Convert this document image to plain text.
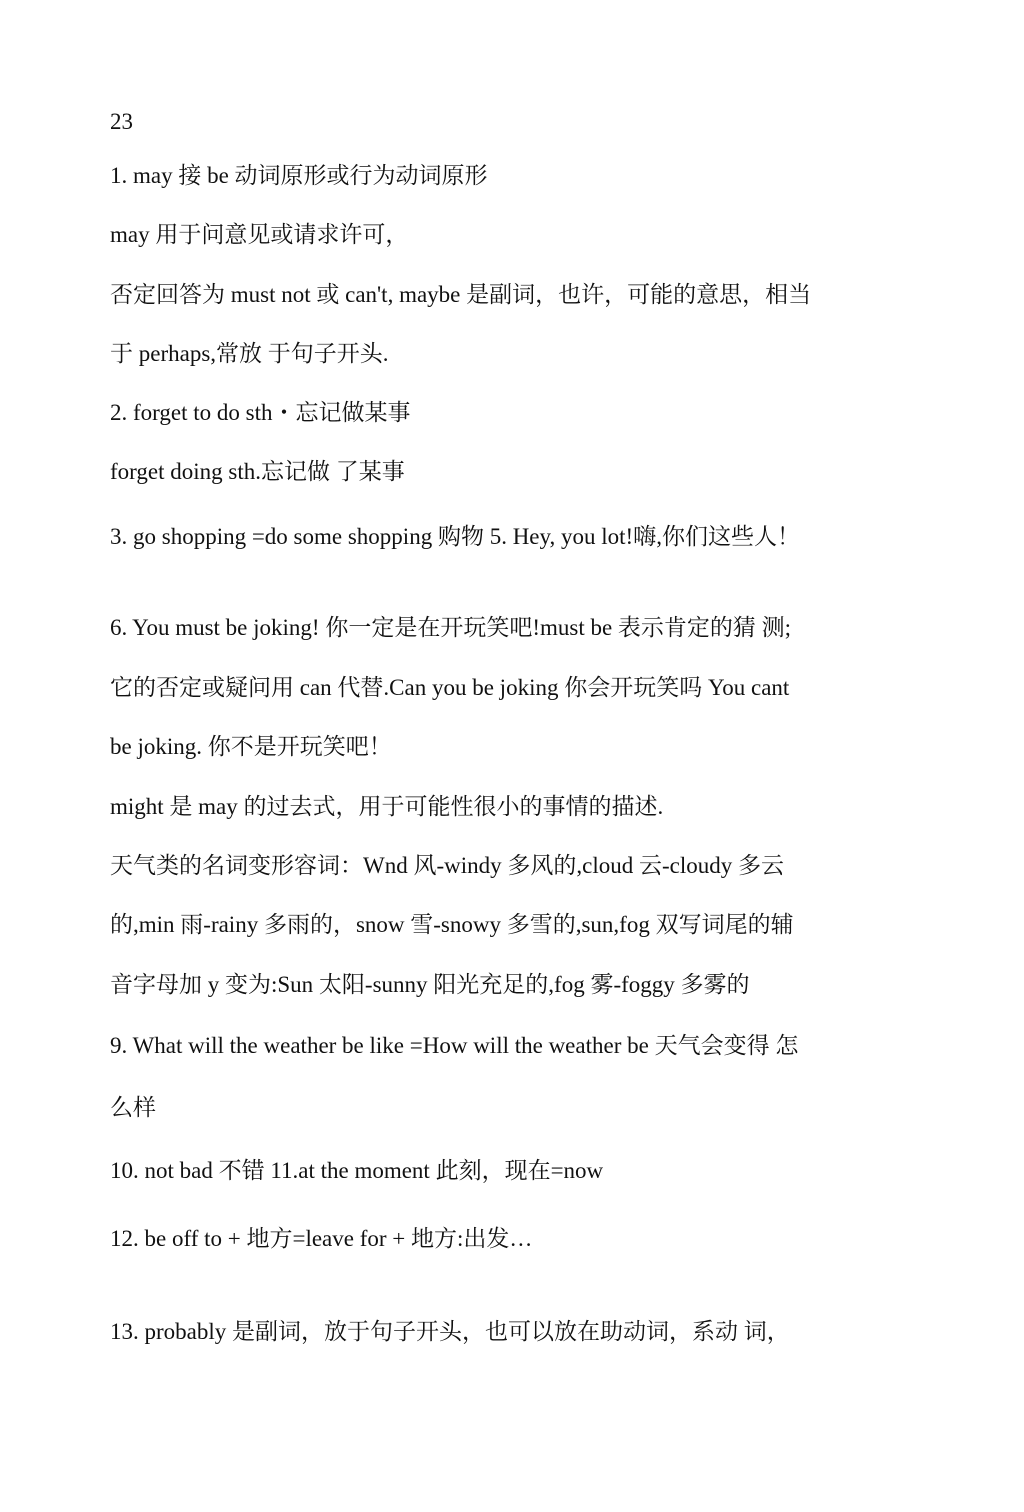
23
1. may 接 be 动词原形或行为动词原形
may 用于问意见或请求许可，
否定回答为 must not 或 can't, maybe 是副词，也许，可能的意思，相当
于 perhaps,常放 于句子开头.
2. forget to do sth・忘记做某事
forget doing sth.忘记做 了某事
3. go shopping =do some shopping 购物 5. Hey, you lot!嗨,你们这些人！
6. You must be joking! 你一定是在开玩笑吧!must be 表示肯定的猜 测;
它的否定或疑问用 can 代替.Can you be joking 你会开玩笑吗 You cant
be joking. 你不是开玩笑吧！
might 是 may 的过去式，用于可能性很小的事情的描述.
天气类的名词变形容词：Wnd 风-windy 多风的,cloud 云-cloudy 多云
的,min 雨-rainy 多雨的，snow 雪-snowy 多雪的,sun,fog 双写词尾的辅
音字母加 y 变为:Sun 太阳-sunny 阳光充足的,fog 雾-foggy 多雾的
9. What will the weather be like =How will the weather be 天气会变得 怎
么样
10. not bad 不错 11.at the moment 此刻，现在=now
12. be off to + 地方=leave for + 地方:出发…
13. probably 是副词，放于句子开头，也可以放在助动词，系动 词，
